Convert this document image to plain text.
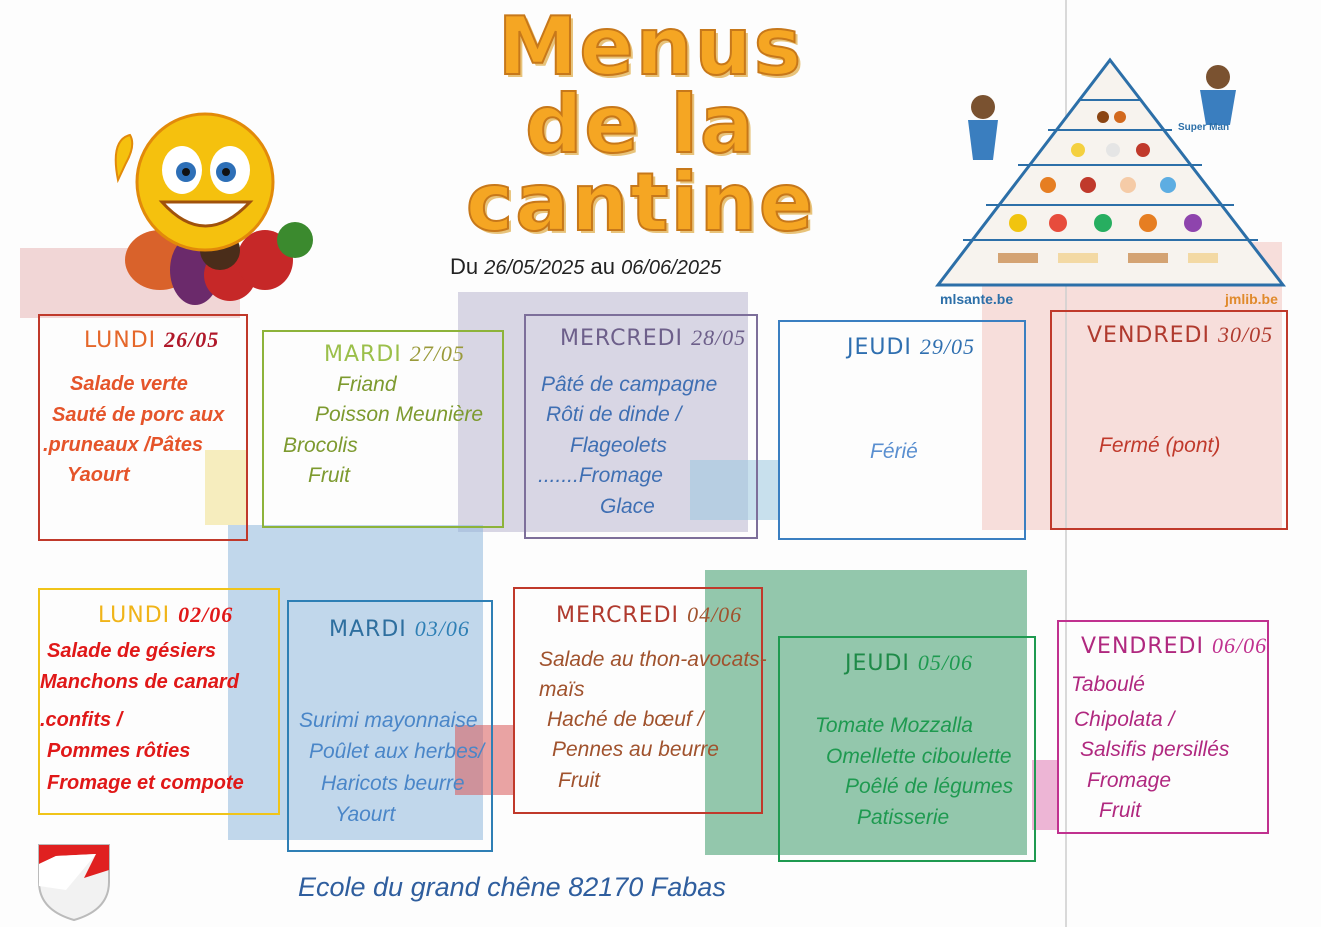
Menus
de la
cantine
mlsante.be	jmlib.be
Super Man
Du 26/05/2025 au 06/06/2025
LUNDI 26/05
Salade verte
Sauté de porc aux
.pruneaux /Pâtes
Yaourt
MARDI 27/05
Friand
Poisson Meunière
Brocolis
Fruit
MERCREDI 28/05
Pâté de campagne
Rôti de dinde /
Flageolets
.......Fromage
Glace
JEUDI 29/05
Férié
VENDREDI 30/05
Fermé (pont)
LUNDI 02/06
Salade de gésiers
Manchons de canard
.confits /
Pommes rôties
Fromage et compote
MARDI 03/06
Surimi mayonnaise
Poûlet aux herbes/
Haricots beurre
Yaourt
MERCREDI 04/06
Salade au thon-avocats-
maïs
Haché de bœuf /
Pennes au beurre
Fruit
JEUDI 05/06
Tomate Mozzalla
Omellette ciboulette
Poêlé de légumes
Patisserie
VENDREDI 06/06
Taboulé
Chipolata /
Salsifis persillés
Fromage
Fruit
Ecole du grand chêne 82170 Fabas
